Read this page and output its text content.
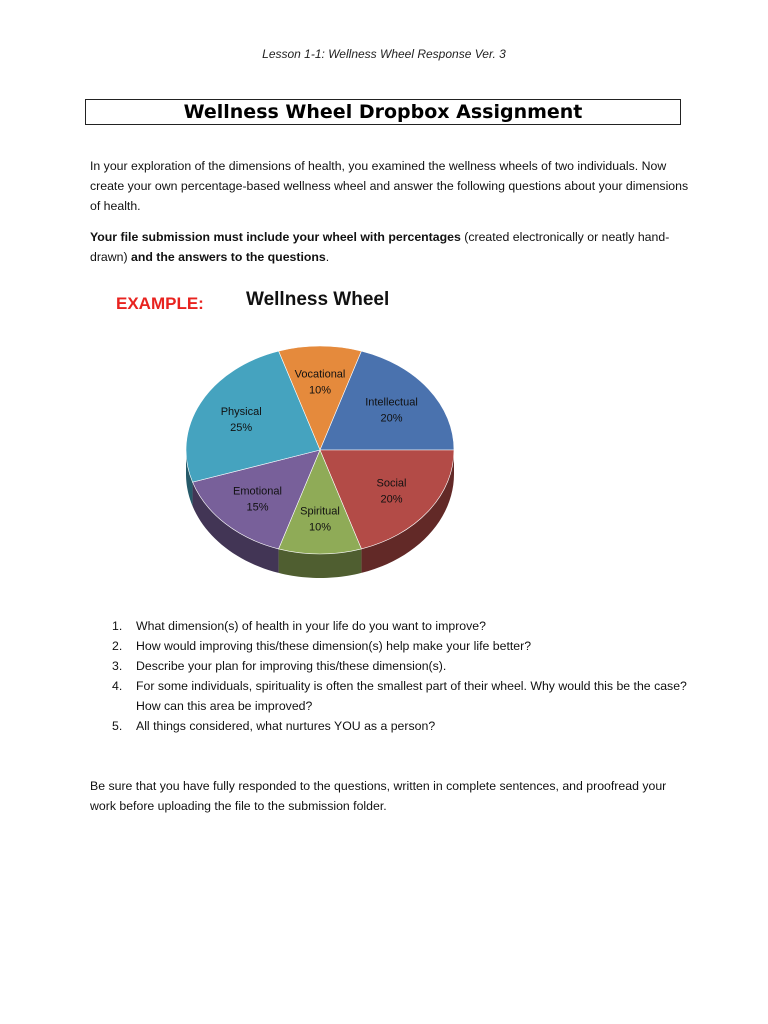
Lesson 1-1: Wellness Wheel Response Ver. 3
Wellness Wheel Dropbox Assignment
In your exploration of the dimensions of health, you examined the wellness wheels of two individuals. Now create your own percentage-based wellness wheel and answer the following questions about your dimensions of health.
Your file submission must include your wheel with percentages (created electronically or neatly hand-drawn) and the answers to the questions.
EXAMPLE: Wellness Wheel
Vocational
10%
Intellectual
20%
Social
20%
Spiritual
10%
Emotional
15%
Physical
25%
1. What dimension(s) of health in your life do you want to improve?
2. How would improving this/these dimension(s) help make your life better?
3. Describe your plan for improving this/these dimension(s).
4. For some individuals, spirituality is often the smallest part of their wheel. Why would this be the case? How can this area be improved?
5. All things considered, what nurtures YOU as a person?
Be sure that you have fully responded to the questions, written in complete sentences, and proofread your work before uploading the file to the submission folder.
